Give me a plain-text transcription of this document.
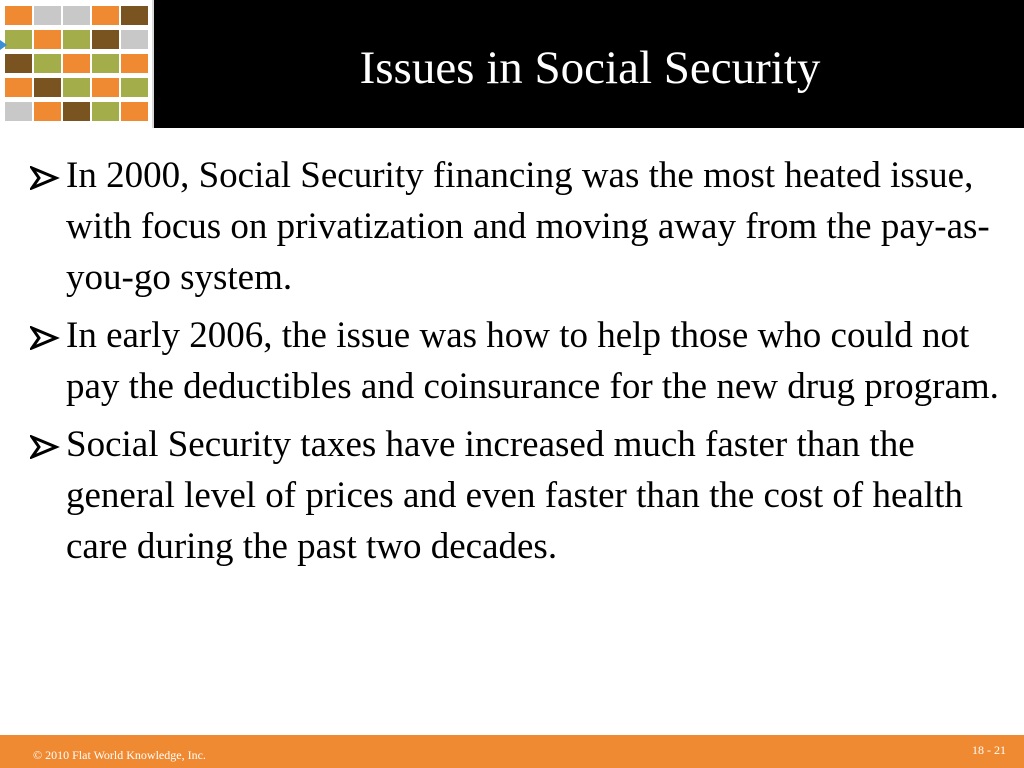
Issues in Social Security
In 2000, Social Security financing was the most heated issue, with focus on privatization and moving away from the pay-as-you-go system.
In early 2006, the issue was how to help those who could not pay the deductibles and coinsurance for the new drug program.
Social Security taxes have increased much faster than the general level of prices and even faster than the cost of health care during the past two decades.
© 2010 Flat World Knowledge, Inc.	18 - 21
